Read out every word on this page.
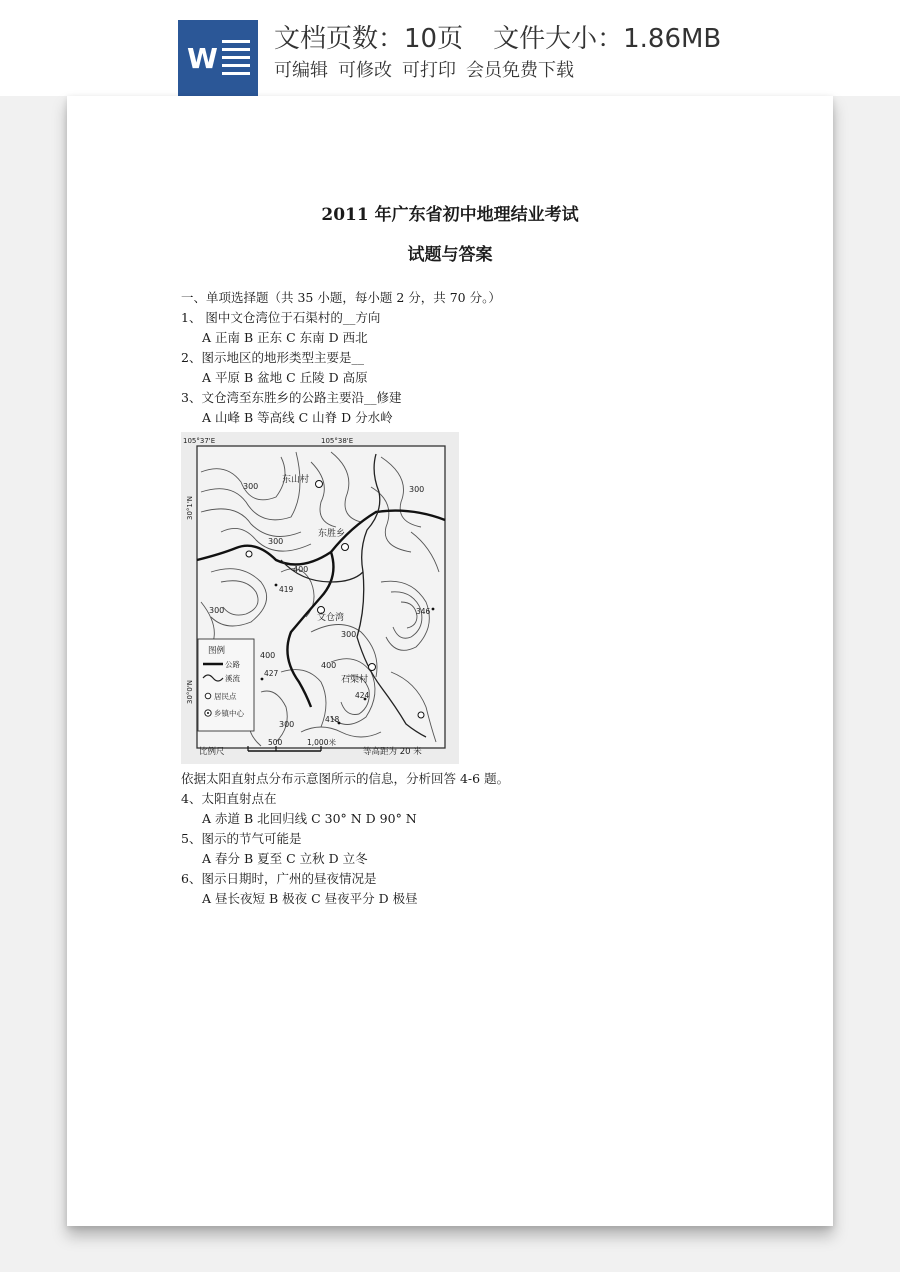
W
文档页数：10页 文件大小：1.86MB
可编辑 可修改 可打印 会员免费下载
2011 年广东省初中地理结业考试
试题与答案
一、单项选择题（共 35 小题，每小题 2 分，共 70 分。）
1、 图中文仓湾位于石渠村的__方向
A 正南 B 正东 C 东南 D 西北
2、图示地区的地形类型主要是__
A 平原 B 盆地 C 丘陵 D 高原
3、文仓湾至东胜乡的公路主要沿__修建
A 山峰 B 等高线 C 山脊 D 分水岭
105°37'E	105°38'E
30°1'N
30°0'N
东山村
东胜乡
文仓湾
石渠村
300	300
300
400
300
300
400
400
300
419
346
427
424
418
图例
公路
溪流
居民点
乡镇中心
比例尺
500	1,000米
等高距为 20 米
依据太阳直射点分布示意图所示的信息，分析回答 4-6 题。
4、太阳直射点在
A 赤道 B 北回归线 C 30° N D 90° N
5、图示的节气可能是
A 春分 B 夏至 C 立秋 D 立冬
6、图示日期时，广州的昼夜情况是
A 昼长夜短 B 极夜 C 昼夜平分 D 极昼
